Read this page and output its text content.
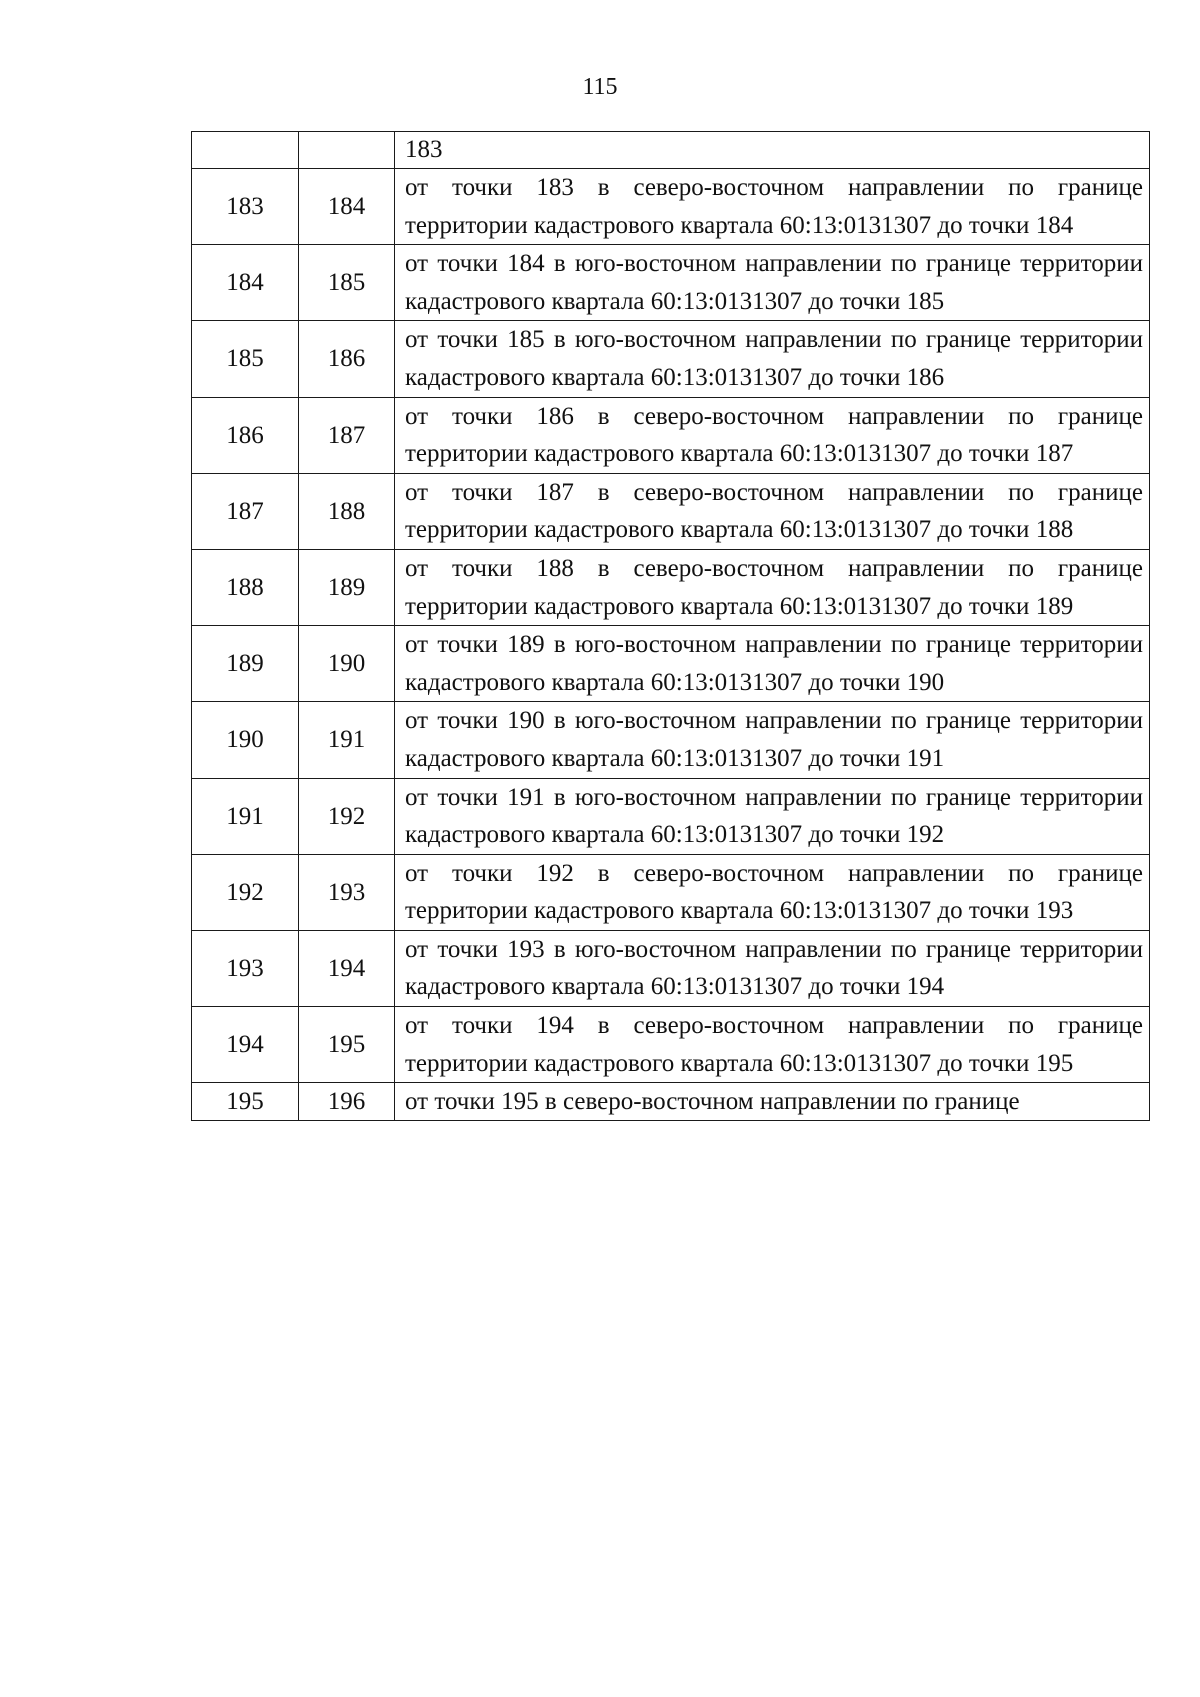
115
		183
183	184	от точки 183 в северо-восточном направлении по границе территории кадастрового квартала 60:13:0131307 до точки 184
184	185	от точки 184 в юго-восточном направлении по границе территории кадастрового квартала 60:13:0131307 до точки 185
185	186	от точки 185 в юго-восточном направлении по границе территории кадастрового квартала 60:13:0131307 до точки 186
186	187	от точки 186 в северо-восточном направлении по границе территории кадастрового квартала 60:13:0131307 до точки 187
187	188	от точки 187 в северо-восточном направлении по границе территории кадастрового квартала 60:13:0131307 до точки 188
188	189	от точки 188 в северо-восточном направлении по границе территории кадастрового квартала 60:13:0131307 до точки 189
189	190	от точки 189 в юго-восточном направлении по границе территории кадастрового квартала 60:13:0131307 до точки 190
190	191	от точки 190 в юго-восточном направлении по границе территории кадастрового квартала 60:13:0131307 до точки 191
191	192	от точки 191 в юго-восточном направлении по границе территории кадастрового квартала 60:13:0131307 до точки 192
192	193	от точки 192 в северо-восточном направлении по границе территории кадастрового квартала 60:13:0131307 до точки 193
193	194	от точки 193 в юго-восточном направлении по границе территории кадастрового квартала 60:13:0131307 до точки 194
194	195	от точки 194 в северо-восточном направлении по границе территории кадастрового квартала 60:13:0131307 до точки 195
195	196	от точки 195 в северо-восточном направлении по границе
